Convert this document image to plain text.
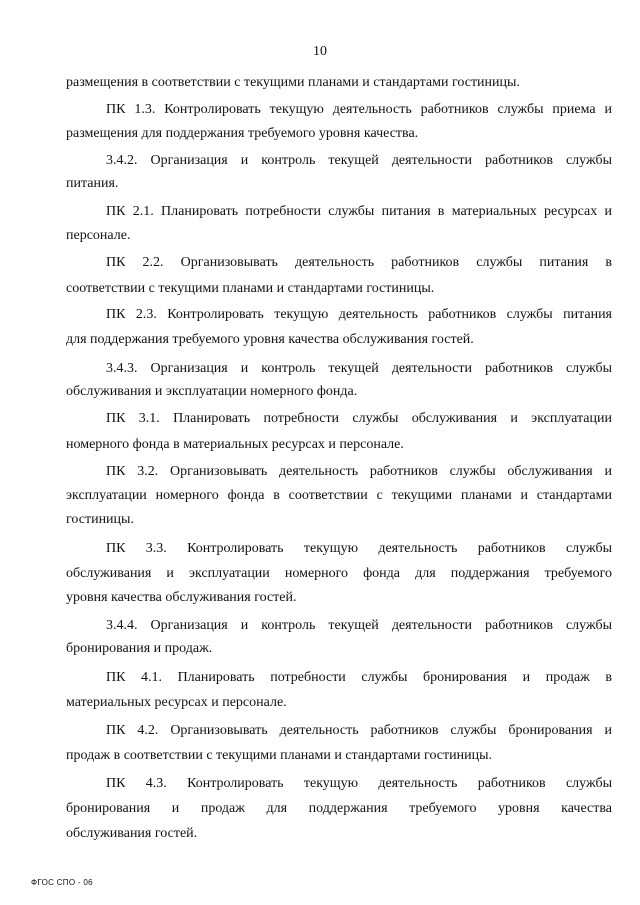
10
размещения в соответствии с текущими планами и стандартами гостиницы.
ПК 1.3. Контролировать текущую деятельность работников службы приема и
размещения для поддержания требуемого уровня качества.
3.4.2. Организация и контроль текущей деятельности работников службы
питания.
ПК 2.1. Планировать потребности службы питания в материальных ресурсах и
персонале.
ПК 2.2. Организовывать деятельность работников службы питания в
соответствии с текущими планами и стандартами гостиницы.
ПК 2.3. Контролировать текущую деятельность работников службы питания
для поддержания требуемого уровня качества обслуживания гостей.
3.4.3. Организация и контроль текущей деятельности работников службы
обслуживания и эксплуатации номерного фонда.
ПК 3.1. Планировать потребности службы обслуживания и эксплуатации
номерного фонда в материальных ресурсах и персонале.
ПК 3.2. Организовывать деятельность работников службы обслуживания и
эксплуатации номерного фонда в соответствии с текущими планами и стандартами
гостиницы.
ПК 3.3. Контролировать текущую деятельность работников службы
обслуживания и эксплуатации номерного фонда для поддержания требуемого
уровня качества обслуживания гостей.
3.4.4. Организация и контроль текущей деятельности работников службы
бронирования и продаж.
ПК 4.1. Планировать потребности службы бронирования и продаж в
материальных ресурсах и персонале.
ПК 4.2. Организовывать деятельность работников службы бронирования и
продаж в соответствии с текущими планами и стандартами гостиницы.
ПК 4.3. Контролировать текущую деятельность работников службы
бронирования и продаж для поддержания требуемого уровня качества
обслуживания гостей.
ФГОС СПО - 06
